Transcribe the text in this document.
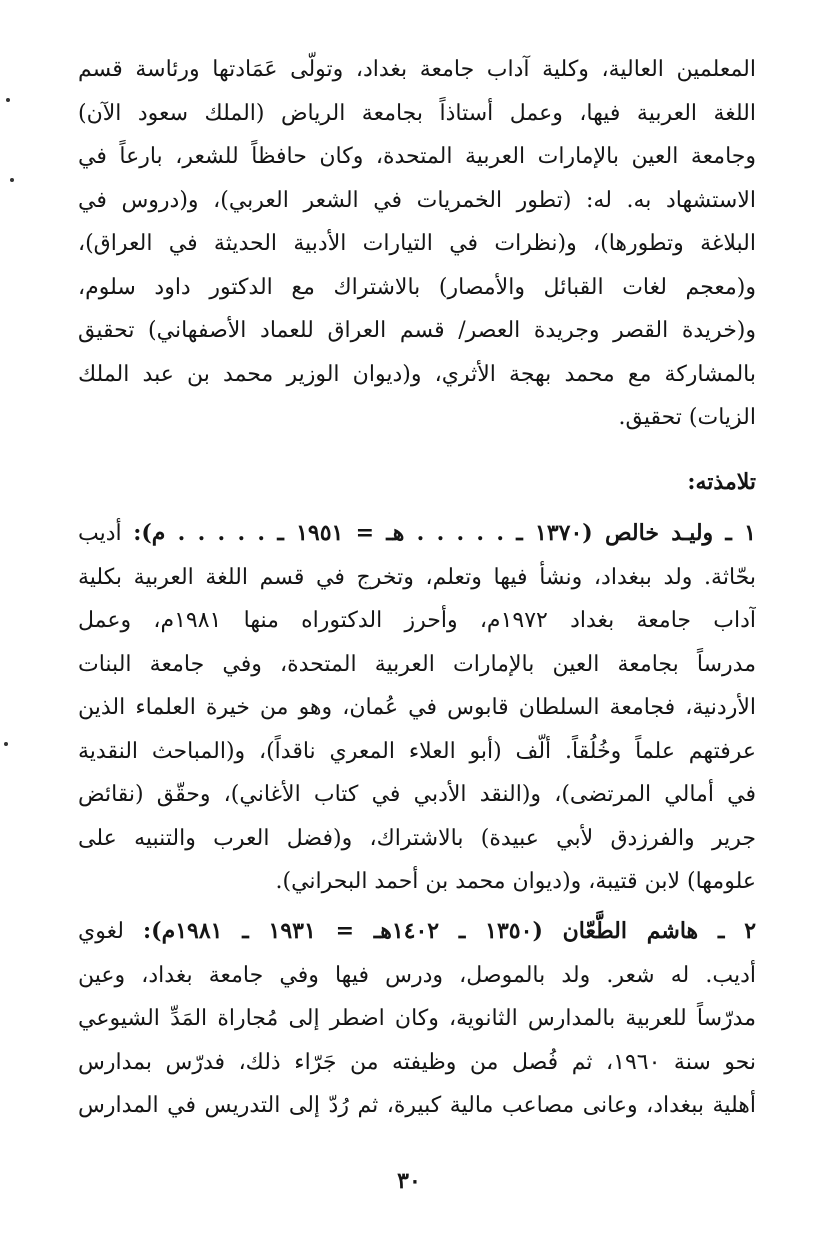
المعلمين العالية، وكلية آداب جامعة بغداد، وتولّى عَمَادتها ورئاسة قسم
اللغة العربية فيها، وعمل أستاذاً بجامعة الرياض (الملك سعود الآن)
وجامعة العين بالإمارات العربية المتحدة، وكان حافظاً للشعر، بارعاً في
الاستشهاد به. له: (تطور الخمريات في الشعر العربي)، و(دروس في
البلاغة وتطورها)، و(نظرات في التيارات الأدبية الحديثة في العراق)،
و(معجم لغات القبائل والأمصار) بالاشتراك مع الدكتور داود سلوم،
و(خريدة القصر وجريدة العصر/ قسم العراق للعماد الأصفهاني) تحقيق
بالمشاركة مع محمد بهجة الأثري، و(ديوان الوزير محمد بن عبد الملك
الزيات) تحقيق.
تلامذته:
١ ـ وليـد خالص (١٣٧٠ ـ . . . . . هـ = ١٩٥١ ـ . . . . . م): أديب
بحّاثة. ولد ببغداد، ونشأ فيها وتعلم، وتخرج في قسم اللغة العربية بكلية
آداب جامعة بغداد ١٩٧٢م، وأحرز الدكتوراه منها ١٩٨١م، وعمل
مدرساً بجامعة العين بالإمارات العربية المتحدة، وفي جامعة البنات
الأردنية، فجامعة السلطان قابوس في عُمان، وهو من خيرة العلماء الذين
عرفتهم علماً وخُلُقاً. ألّف (أبو العلاء المعري ناقداً)، و(المباحث النقدية
في أمالي المرتضى)، و(النقد الأدبي في كتاب الأغاني)، وحقّق (نقائض
جرير والفرزدق لأبي عبيدة) بالاشتراك، و(فضل العرب والتنبيه على
علومها) لابن قتيبة، و(ديوان محمد بن أحمد البحراني).
٢ ـ هاشم الطَّعّان (١٣٥٠ ـ ١٤٠٢هـ = ١٩٣١ ـ ١٩٨١م): لغوي
أديب. له شعر. ولد بالموصل، ودرس فيها وفي جامعة بغداد، وعين
مدرّساً للعربية بالمدارس الثانوية، وكان اضطر إلى مُجاراة المَدِّ الشيوعي
نحو سنة ١٩٦٠، ثم فُصل من وظيفته من جَرّاء ذلك، فدرّس بمدارس
أهلية ببغداد، وعانى مصاعب مالية كبيرة، ثم رُدّ إلى التدريس في المدارس
٣٠
